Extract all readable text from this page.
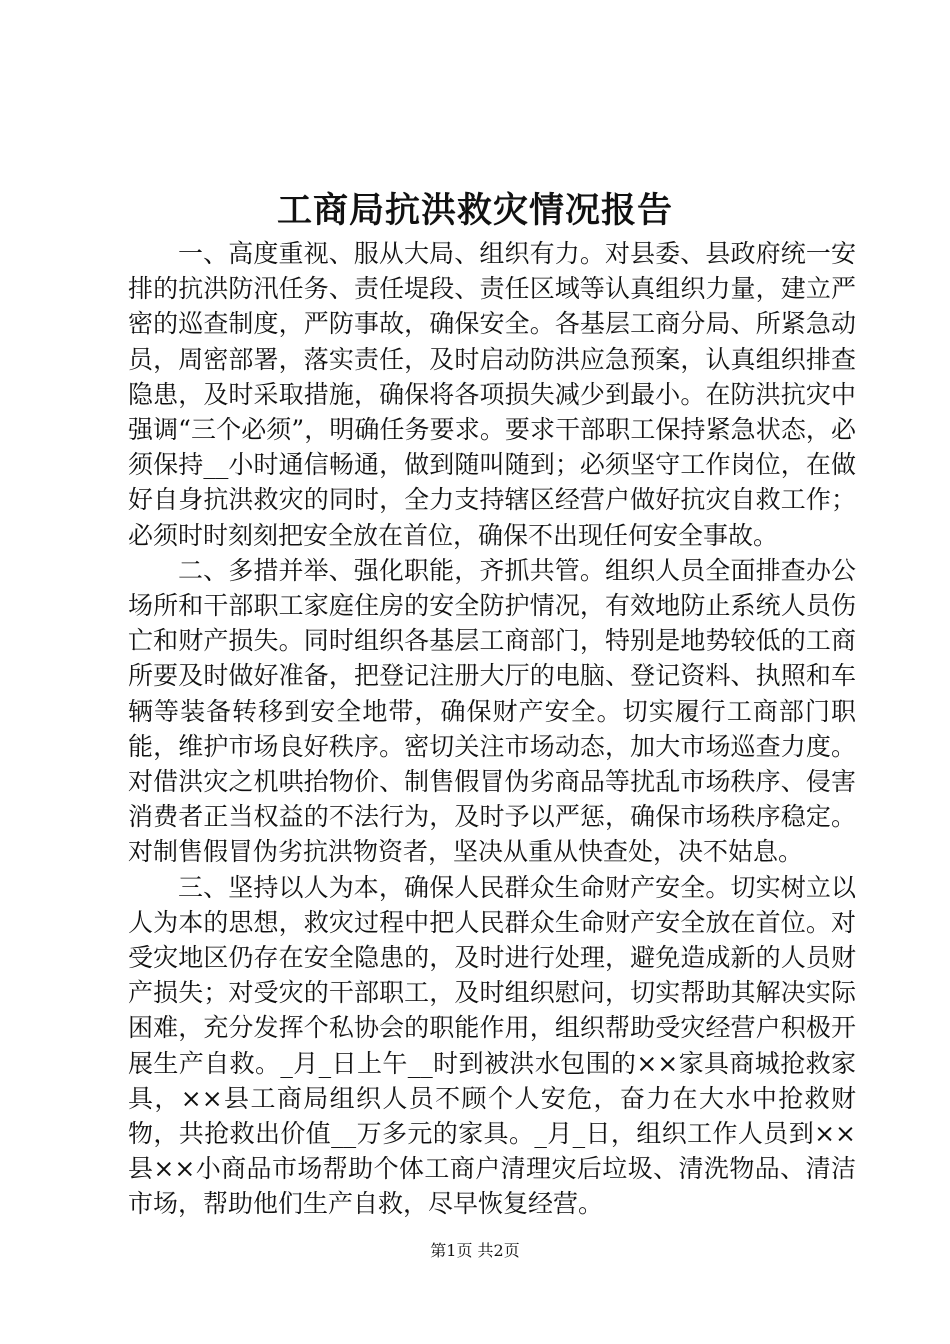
工商局抗洪救灾情况报告

一、高度重视、服从大局、组织有力。对县委、县政府统一安排的抗洪防汛任务、责任堤段、责任区域等认真组织力量，建立严密的巡查制度，严防事故，确保安全。各基层工商分局、所紧急动员，周密部署，落实责任，及时启动防洪应急预案，认真组织排查隐患，及时采取措施，确保将各项损失减少到最小。在防洪抗灾中强调“三个必须”，明确任务要求。要求干部职工保持紧急状态，必须保持__小时通信畅通，做到随叫随到；必须坚守工作岗位，在做好自身抗洪救灾的同时，全力支持辖区经营户做好抗灾自救工作；必须时时刻刻把安全放在首位，确保不出现任何安全事故。

二、多措并举、强化职能，齐抓共管。组织人员全面排查办公场所和干部职工家庭住房的安全防护情况，有效地防止系统人员伤亡和财产损失。同时组织各基层工商部门，特别是地势较低的工商所要及时做好准备，把登记注册大厅的电脑、登记资料、执照和车辆等装备转移到安全地带，确保财产安全。切实履行工商部门职能，维护市场良好秩序。密切关注市场动态，加大市场巡查力度。对借洪灾之机哄抬物价、制售假冒伪劣商品等扰乱市场秩序、侵害消费者正当权益的不法行为，及时予以严惩，确保市场秩序稳定。对制售假冒伪劣抗洪物资者，坚决从重从快查处，决不姑息。

三、坚持以人为本，确保人民群众生命财产安全。切实树立以人为本的思想，救灾过程中把人民群众生命财产安全放在首位。对受灾地区仍存在安全隐患的，及时进行处理，避免造成新的人员财产损失；对受灾的干部职工，及时组织慰问，切实帮助其解决实际困难，充分发挥个私协会的职能作用，组织帮助受灾经营户积极开展生产自救。_月_日上午__时到被洪水包围的××家具商城抢救家具，××县工商局组织人员不顾个人安危，奋力在大水中抢救财物，共抢救出价值__万多元的家具。_月_日，组织工作人员到××县××小商品市场帮助个体工商户清理灾后垃圾、清洗物品、清洁市场，帮助他们生产自救，尽早恢复经营。

第1页 共2页
